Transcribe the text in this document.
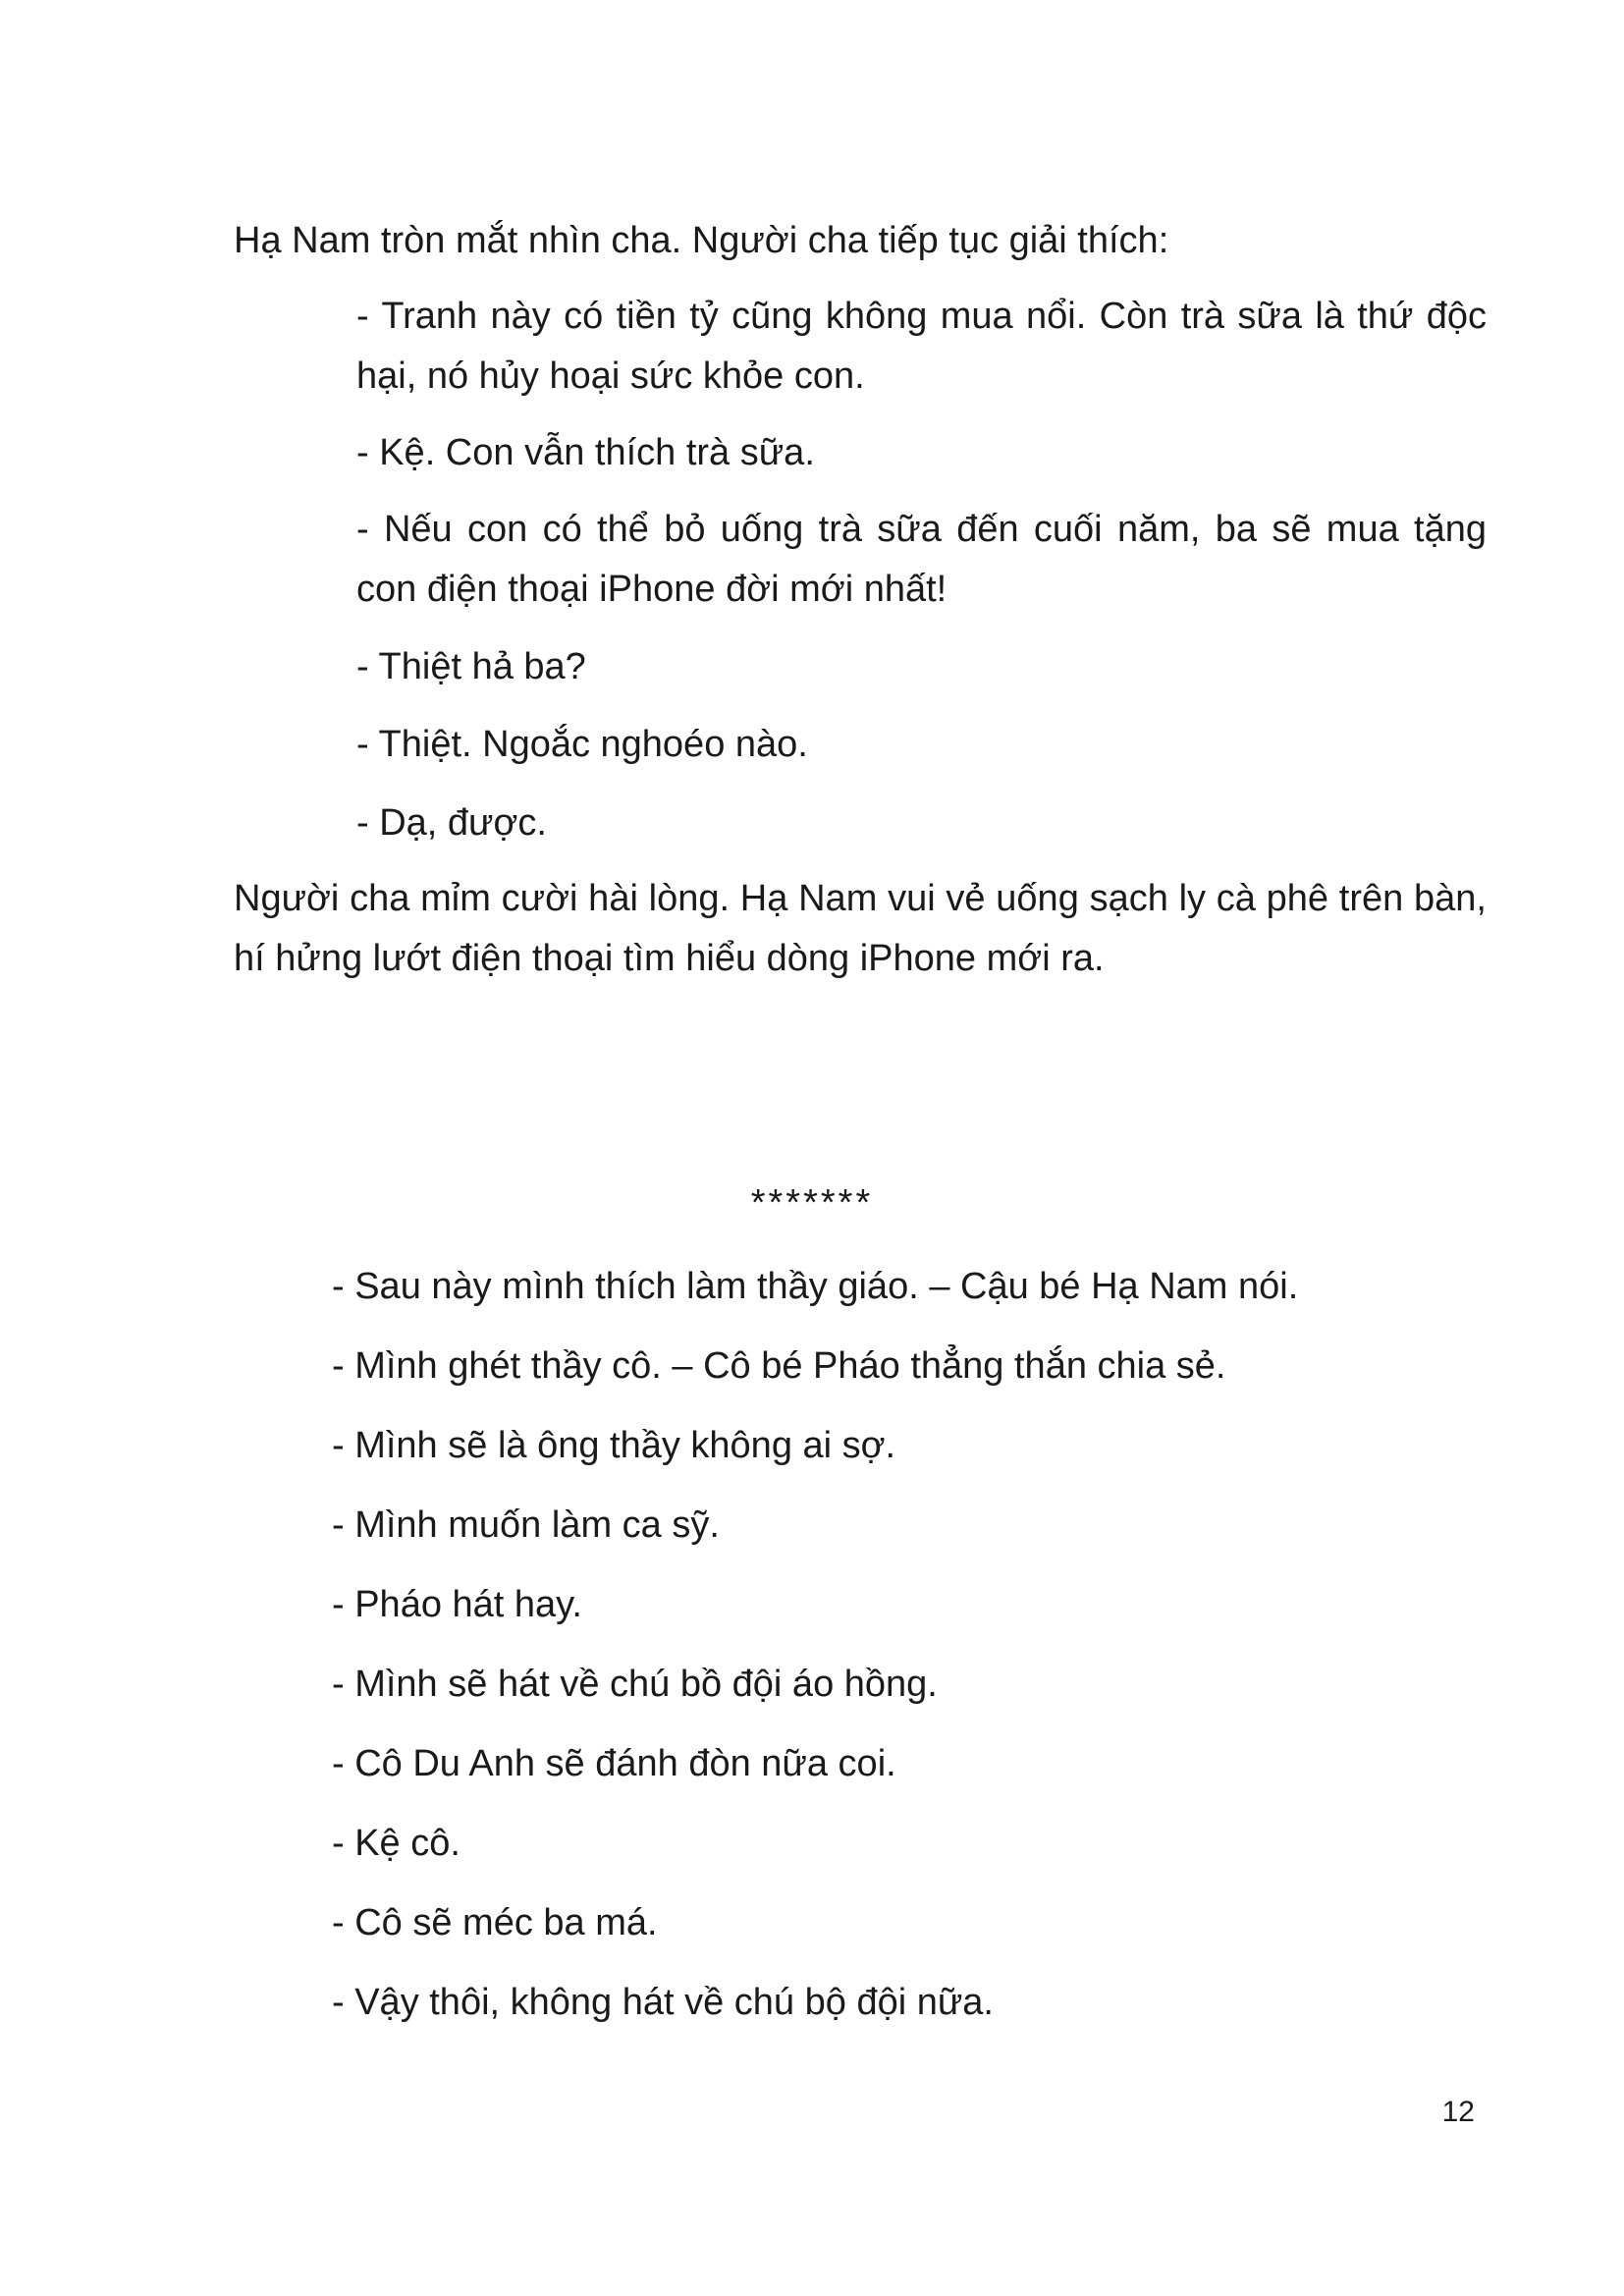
Hạ Nam tròn mắt nhìn cha. Người cha tiếp tục giải thích:

- Tranh này có tiền tỷ cũng không mua nổi. Còn trà sữa là thứ độc hại, nó hủy hoại sức khỏe con.

- Kệ. Con vẫn thích trà sữa.

- Nếu con có thể bỏ uống trà sữa đến cuối năm, ba sẽ mua tặng con điện thoại iPhone đời mới nhất!

- Thiệt hả ba?

- Thiệt. Ngoắc nghoéo nào.

- Dạ, được.

Người cha mỉm cười hài lòng. Hạ Nam vui vẻ uống sạch ly cà phê trên bàn, hí hửng lướt điện thoại tìm hiểu dòng iPhone mới ra.

*******

- Sau này mình thích làm thầy giáo. – Cậu bé Hạ Nam nói.

- Mình ghét thầy cô. – Cô bé Pháo thẳng thắn chia sẻ.

- Mình sẽ là ông thầy không ai sợ.

- Mình muốn làm ca sỹ.

- Pháo hát hay.

- Mình sẽ hát về chú bồ đội áo hồng.

- Cô Du Anh sẽ đánh đòn nữa coi.

- Kệ cô.

- Cô sẽ méc ba má.

- Vậy thôi, không hát về chú bộ đội nữa.

12
